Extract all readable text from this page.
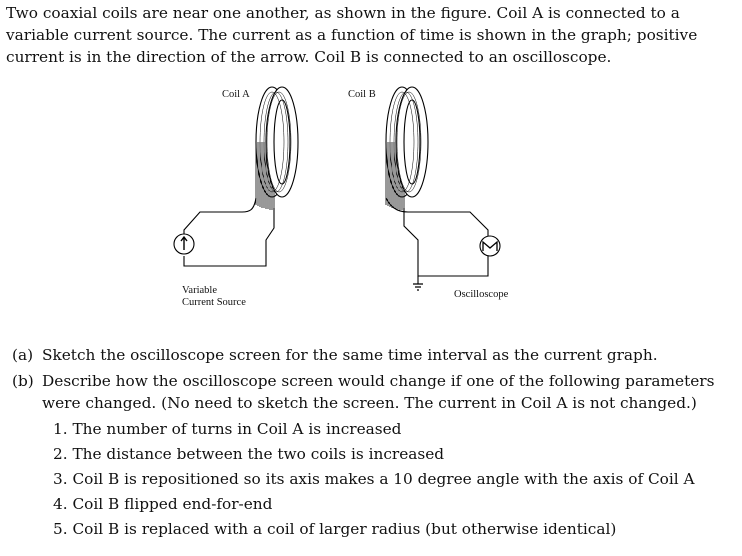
Two coaxial coils are near one another, as shown in the figure. Coil A is connected to a variable current source. The current as a function of time is shown in the graph; positive current is in the direction of the arrow. Coil B is connected to an oscilloscope.

Coil A	Coil B
Variable
Current Source
Oscilloscope
(a) Sketch the oscilloscope screen for the same time interval as the current graph.
(b) Describe how the oscilloscope screen would change if one of the following parameters were changed. (No need to sketch the screen. The current in Coil A is not changed.)
1. The number of turns in Coil A is increased
2. The distance between the two coils is increased
3. Coil B is repositioned so its axis makes a 10 degree angle with the axis of Coil A
4. Coil B flipped end-for-end
5. Coil B is replaced with a coil of larger radius (but otherwise identical)
